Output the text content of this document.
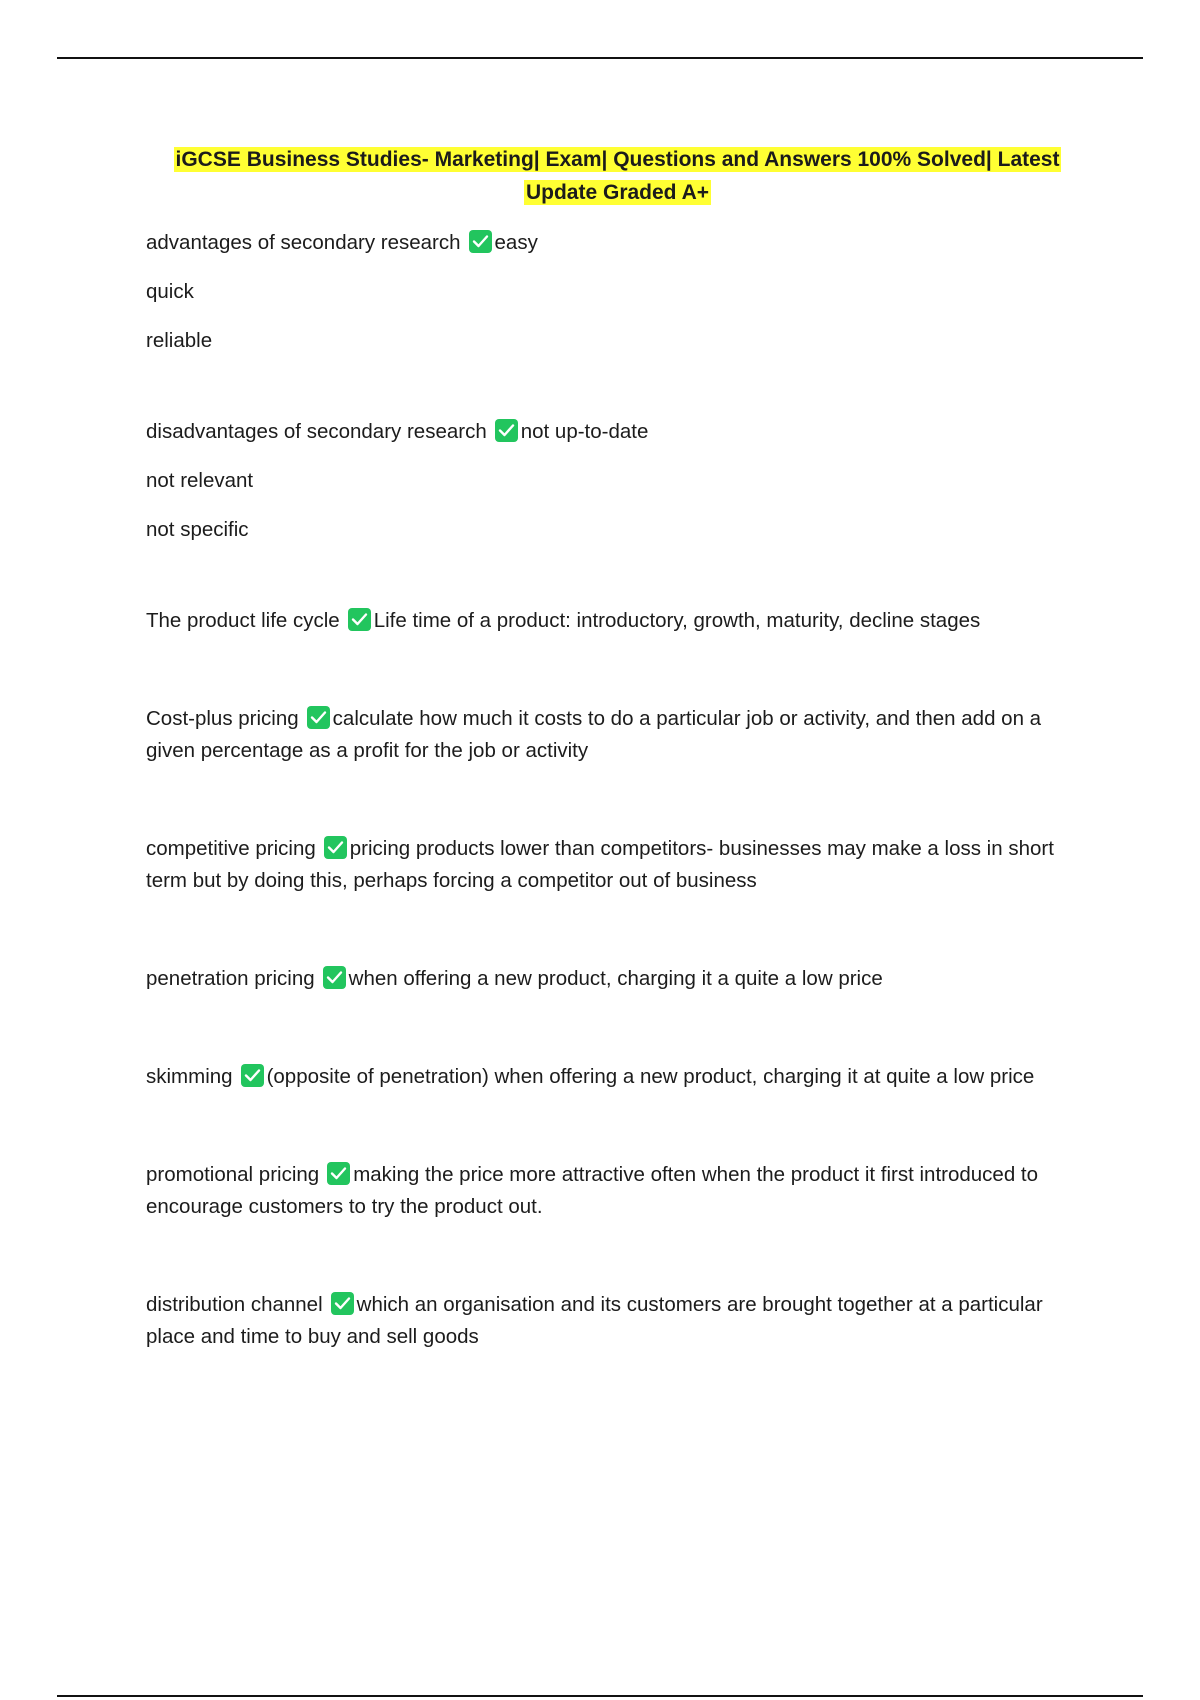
iGCSE Business Studies- Marketing| Exam| Questions and Answers 100% Solved| Latest
Update Graded A+

advantages of secondary research easy

quick

reliable

disadvantages of secondary research not up-to-date

not relevant

not specific

The product life cycle Life time of a product: introductory, growth, maturity, decline stages
Cost-plus pricing calculate how much it costs to do a particular job or activity, and then add on a given percentage as a profit for the job or activity
competitive pricing pricing products lower than competitors- businesses may make a loss in short term but by doing this, perhaps forcing a competitor out of business
penetration pricing when offering a new product, charging it a quite a low price
skimming (opposite of penetration) when offering a new product, charging it at quite a low price
promotional pricing making the price more attractive often when the product it first introduced to encourage customers to try the product out.
distribution channel which an organisation and its customers are brought together at a particular place and time to buy and sell goods
